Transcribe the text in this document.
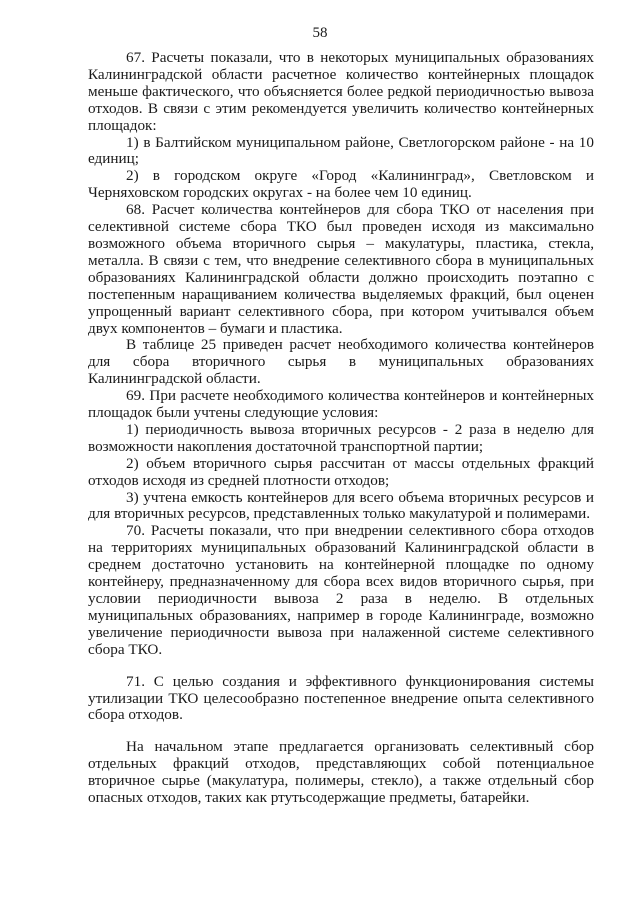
58

67. Расчеты показали, что в некоторых муниципальных образованиях Калининградской области расчетное количество контейнерных площадок меньше фактического, что объясняется более редкой периодичностью вывоза отходов. В связи с этим рекомендуется увеличить количество контейнерных площадок:

1) в Балтийском муниципальном районе, Светлогорском районе - на 10 единиц;

2) в городском округе «Город «Калининград», Светловском и Черняховском городских округах - на более чем 10 единиц.

68. Расчет количества контейнеров для сбора ТКО от населения при селективной системе сбора ТКО был проведен исходя из максимально возможного объема вторичного сырья – макулатуры, пластика, стекла, металла. В связи с тем, что внедрение селективного сбора в муниципальных образованиях Калининградской области должно происходить поэтапно с постепенным наращиванием количества выделяемых фракций, был оценен упрощенный вариант селективного сбора, при котором учитывался объем двух компонентов – бумаги и пластика.

В таблице 25 приведен расчет необходимого количества контейнеров для сбора вторичного сырья в муниципальных образованиях Калининградской области.

69. При расчете необходимого количества контейнеров и контейнерных площадок были учтены следующие условия:

1) периодичность вывоза вторичных ресурсов - 2 раза в неделю для возможности накопления достаточной транспортной партии;

2) объем вторичного сырья рассчитан от массы отдельных фракций отходов исходя из средней плотности отходов;

3) учтена емкость контейнеров для всего объема вторичных ресурсов и для вторичных ресурсов, представленных только макулатурой и полимерами.

70. Расчеты показали, что при внедрении селективного сбора отходов на территориях муниципальных образований Калининградской области в среднем достаточно установить на контейнерной площадке по одному контейнеру, предназначенному для сбора всех видов вторичного сырья, при условии периодичности вывоза 2 раза в неделю. В отдельных муниципальных образованиях, например в городе Калининграде, возможно увеличение периодичности вывоза при налаженной системе селективного сбора ТКО.

71. С целью создания и эффективного функционирования системы утилизации ТКО целесообразно постепенное внедрение опыта селективного сбора отходов.

На начальном этапе предлагается организовать селективный сбор отдельных фракций отходов, представляющих собой потенциальное вторичное сырье (макулатура, полимеры, стекло), а также отдельный сбор опасных отходов, таких как ртутьсодержащие предметы, батарейки.
